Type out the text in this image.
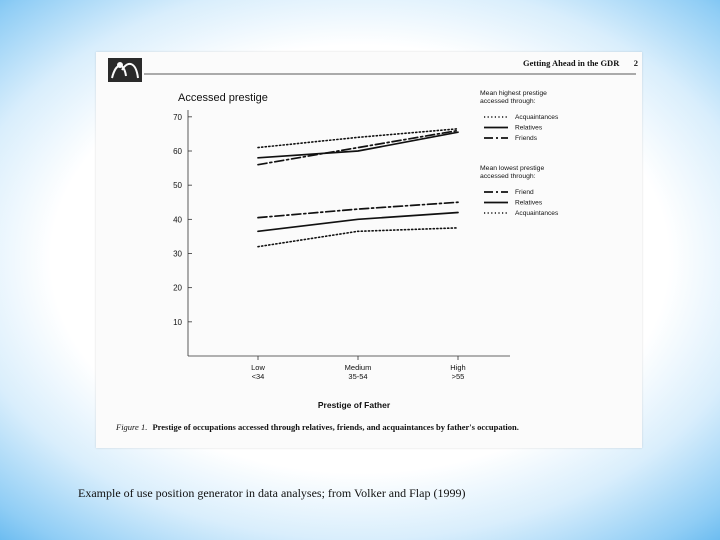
Getting Ahead in the GDR 2
Accessed prestige
10
20
30
40
50
60
70
Low <34
Medium 35-54
High >55
Prestige of Father
Mean highest prestige accessed through:
Acquaintances
Relatives
Friends
Mean lowest prestige accessed through:
Friend
Relatives
Acquaintances
Figure 1. Prestige of occupations accessed through relatives, friends, and acquaintances by father's occupation.
Example of use position generator in data analyses; from Volker and Flap (1999)
